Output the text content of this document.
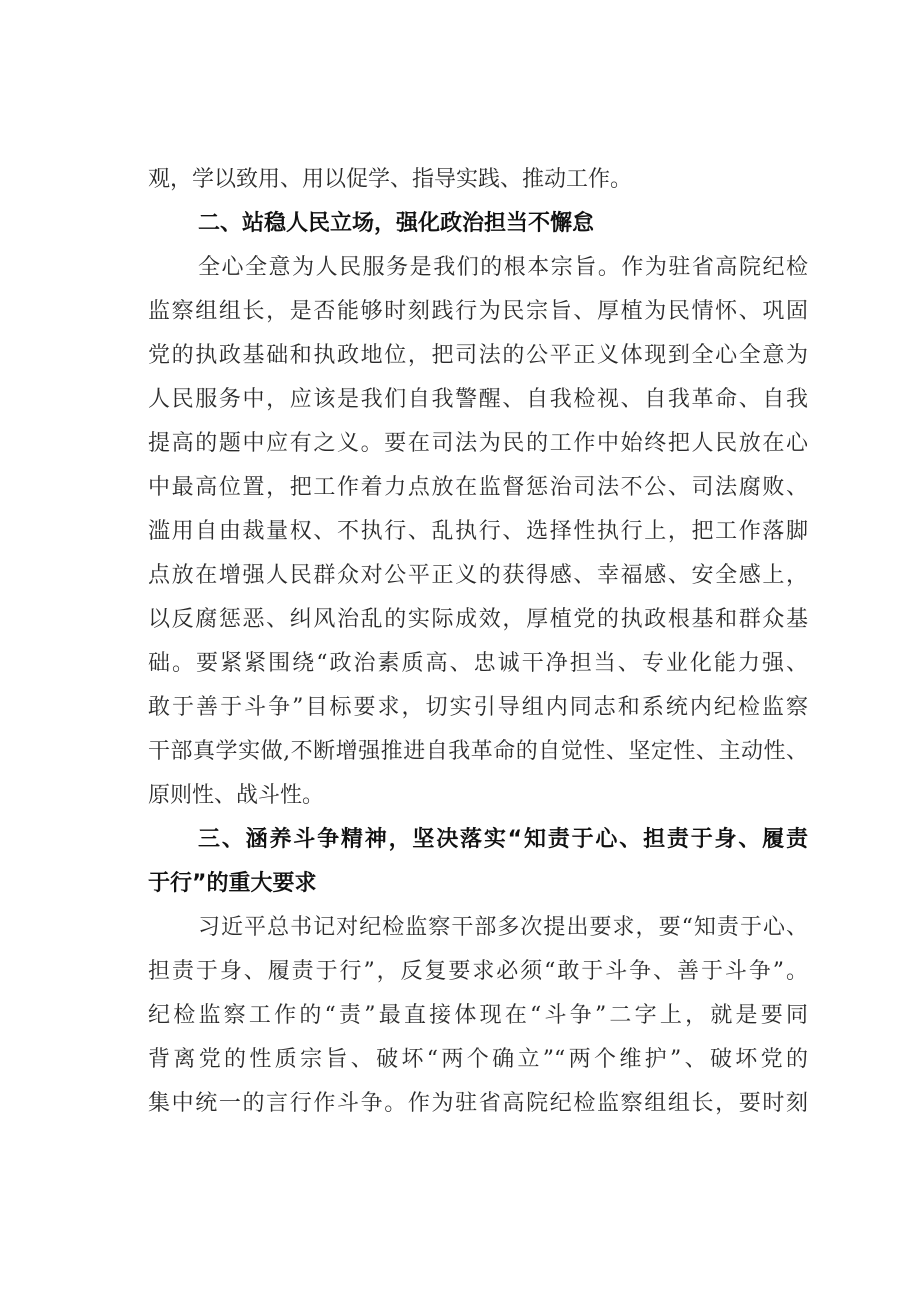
观，学以致用、用以促学、指导实践、推动工作。
二、站稳人民立场，强化政治担当不懈怠
全心全意为人民服务是我们的根本宗旨。作为驻省高院纪检
监察组组长，是否能够时刻践行为民宗旨、厚植为民情怀、巩固
党的执政基础和执政地位，把司法的公平正义体现到全心全意为
人民服务中，应该是我们自我警醒、自我检视、自我革命、自我
提高的题中应有之义。要在司法为民的工作中始终把人民放在心
中最高位置，把工作着力点放在监督惩治司法不公、司法腐败、
滥用自由裁量权、不执行、乱执行、选择性执行上，把工作落脚
点放在增强人民群众对公平正义的获得感、幸福感、安全感上，
以反腐惩恶、纠风治乱的实际成效，厚植党的执政根基和群众基
础。要紧紧围绕“政治素质高、忠诚干净担当、专业化能力强、
敢于善于斗争”目标要求，切实引导组内同志和系统内纪检监察
干部真学实做,不断增强推进自我革命的自觉性、坚定性、主动性、
原则性、战斗性。
三、涵养斗争精神，坚决落实“知责于心、担责于身、履责
于行”的重大要求
习近平总书记对纪检监察干部多次提出要求，要“知责于心、
担责于身、履责于行”，反复要求必须“敢于斗争、善于斗争”。
纪检监察工作的“责”最直接体现在“斗争”二字上，就是要同
背离党的性质宗旨、破坏“两个确立”“两个维护”、破坏党的
集中统一的言行作斗争。作为驻省高院纪检监察组组长，要时刻
